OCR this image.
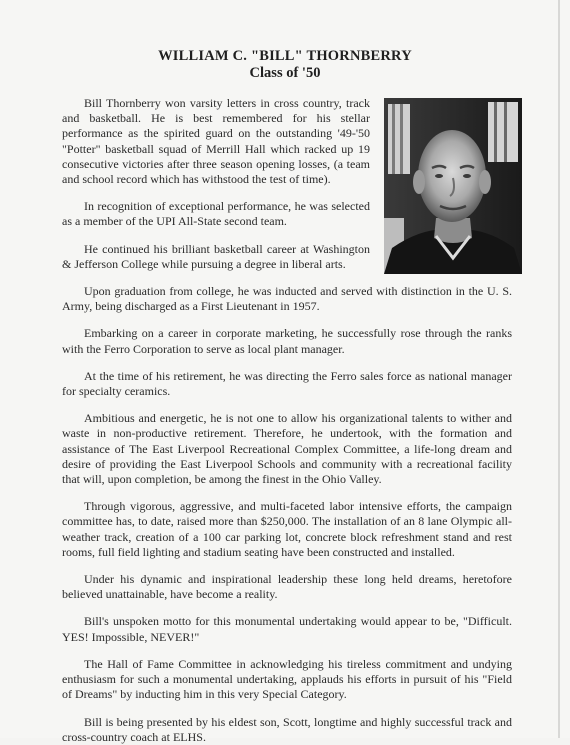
WILLIAM C. "BILL" THORNBERRY
Class of '50

Bill Thornberry won varsity letters in cross country, track and basketball. He is best remembered for his stellar performance as the spirited guard on the outstanding '49-'50 "Potter" basketball squad of Merrill Hall which racked up 19 consecutive victories after three season opening losses, (a team and school record which has withstood the test of time).

In recognition of exceptional performance, he was selected as a member of the UPI All-State second team.

He continued his brilliant basketball career at Washington & Jefferson College while pursuing a degree in liberal arts.

Upon graduation from college, he was inducted and served with distinction in the U. S. Army, being discharged as a First Lieutenant in 1957.

Embarking on a career in corporate marketing, he successfully rose through the ranks with the Ferro Corporation to serve as local plant manager.

At the time of his retirement, he was directing the Ferro sales force as national manager for specialty ceramics.

Ambitious and energetic, he is not one to allow his organizational talents to wither and waste in non-productive retirement. Therefore, he undertook, with the formation and assistance of The East Liverpool Recreational Complex Committee, a life-long dream and desire of providing the East Liverpool Schools and community with a recreational facility that will, upon completion, be among the finest in the Ohio Valley.

Through vigorous, aggressive, and multi-faceted labor intensive efforts, the campaign committee has, to date, raised more than $250,000. The installation of an 8 lane Olympic all-weather track, creation of a 100 car parking lot, concrete block refreshment stand and rest rooms, full field lighting and stadium seating have been constructed and installed.

Under his dynamic and inspirational leadership these long held dreams, heretofore believed unattainable, have become a reality.

Bill's unspoken motto for this monumental undertaking would appear to be, "Difficult. YES! Impossible, NEVER!"

The Hall of Fame Committee in acknowledging his tireless commitment and undying enthusiasm for such a monumental undertaking, applauds his efforts in pursuit of his "Field of Dreams" by inducting him in this very Special Category.

Bill is being presented by his eldest son, Scott, longtime and highly successful track and cross-country coach at ELHS.
